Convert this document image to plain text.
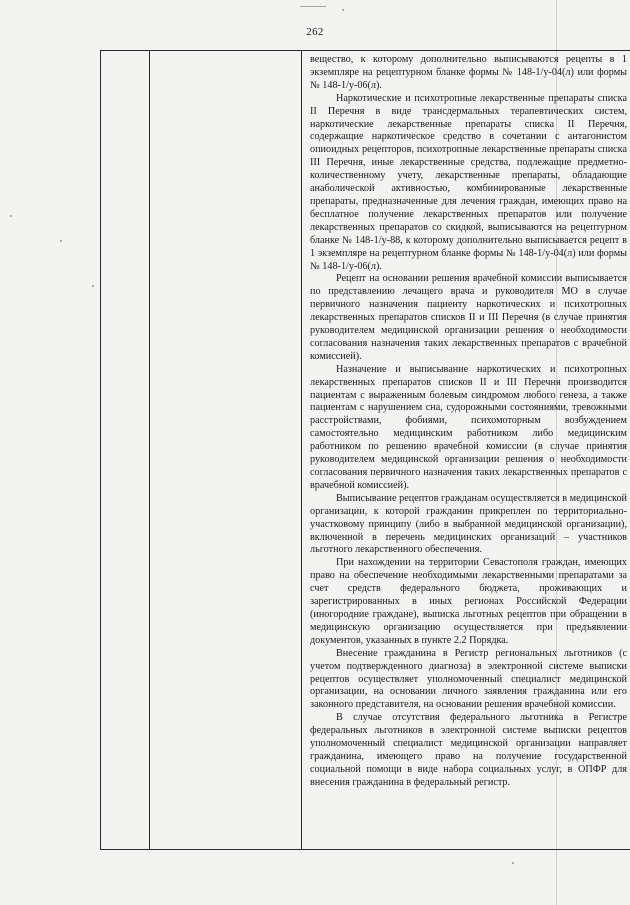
262

вещество, к которому дополнительно выписываются рецепты в 1 экземпляре на рецептурном бланке формы № 148-1/у-04(л) или формы № 148-1/у-06(л).

Наркотические и психотропные лекарственные препараты списка II Перечня в виде трансдермальных терапевтических систем, наркотические лекарственные препараты списка II Перечня, содержащие наркотическое средство в сочетании с антагонистом опиоидных рецепторов, психотропные лекарственные препараты списка III Перечня, иные лекарственные средства, подлежащие предметно-количественному учету, лекарственные препараты, обладающие анаболической активностью, комбинированные лекарственные препараты, предназначенные для лечения граждан, имеющих право на бесплатное получение лекарственных препаратов или получение лекарственных препаратов со скидкой, выписываются на рецептурном бланке № 148-1/у-88, к которому дополнительно выписывается рецепт в 1 экземпляре на рецептурном бланке формы № 148-1/у-04(л) или формы № 148-1/у-06(л).

Рецепт на основании решения врачебной комиссии выписывается по представлению лечащего врача и руководителя МО в случае первичного назначения пациенту наркотических и психотропных лекарственных препаратов списков II и III Перечня (в случае принятия руководителем медицинской организации решения о необходимости согласования назначения таких лекарственных препаратов с врачебной комиссией).

Назначение и выписывание наркотических и психотропных лекарственных препаратов списков II и III Перечня производится пациентам с выраженным болевым синдромом любого генеза, а также пациентам с нарушением сна, судорожными состояниями, тревожными расстройствами, фобиями, психомоторным возбуждением самостоятельно медицинским работником либо медицинским работником по решению врачебной комиссии (в случае принятия руководителем медицинской организации решения о необходимости согласования первичного назначения таких лекарственных препаратов с врачебной комиссией).

Выписывание рецептов гражданам осуществляется в медицинской организации, к которой гражданин прикреплен по территориально-участковому принципу (либо в выбранной медицинской организации), включенной в перечень медицинских организаций – участников льготного лекарственного обеспечения.

При нахождении на территории Севастополя граждан, имеющих право на обеспечение необходимыми лекарственными препаратами за счет средств федерального бюджета, проживающих и зарегистрированных в иных регионах Российской Федерации (иногородние граждане), выписка льготных рецептов при обращении в медицинскую организацию осуществляется при предъявлении документов, указанных в пункте 2.2 Порядка.

Внесение гражданина в Регистр региональных льготников (с учетом подтвержденного диагноза) в электронной системе выписки рецептов осуществляет уполномоченный специалист медицинской организации, на основании личного заявления гражданина или его законного представителя, на основании решения врачебной комиссии.

В случае отсутствия федерального льготника в Регистре федеральных льготников в электронной системе выписки рецептов уполномоченный специалист медицинской организации направляет гражданина, имеющего право на получение государственной социальной помощи в виде набора социальных услуг, в ОПФР для внесения гражданина в федеральный регистр.
